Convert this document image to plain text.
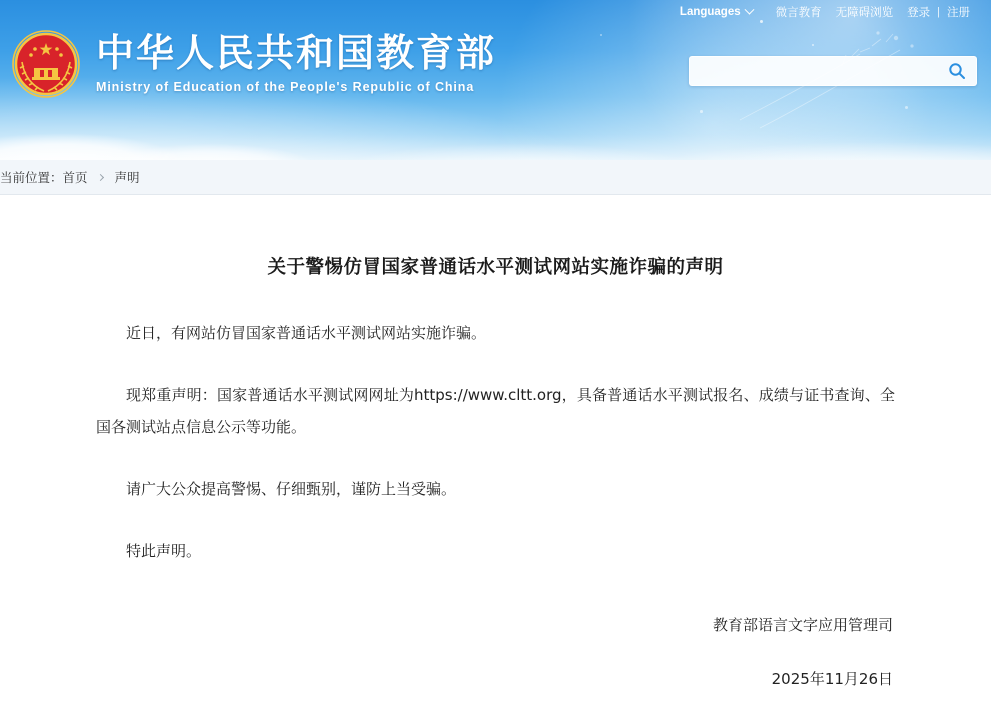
Languages	微言教育	无障碍浏览	登录 | 注册
中华人民共和国教育部
Ministry of Education of the People's Republic of China
当前位置： 首页 声明
关于警惕仿冒国家普通话水平测试网站实施诈骗的声明

近日，有网站仿冒国家普通话水平测试网站实施诈骗。

现郑重声明：国家普通话水平测试网网址为https://www.cltt.org，具备普通话水平测试报名、成绩与证书查询、全国各测试站点信息公示等功能。

请广大公众提高警惕、仔细甄别，谨防上当受骗。

特此声明。

教育部语言文字应用管理司
2025年11月26日
